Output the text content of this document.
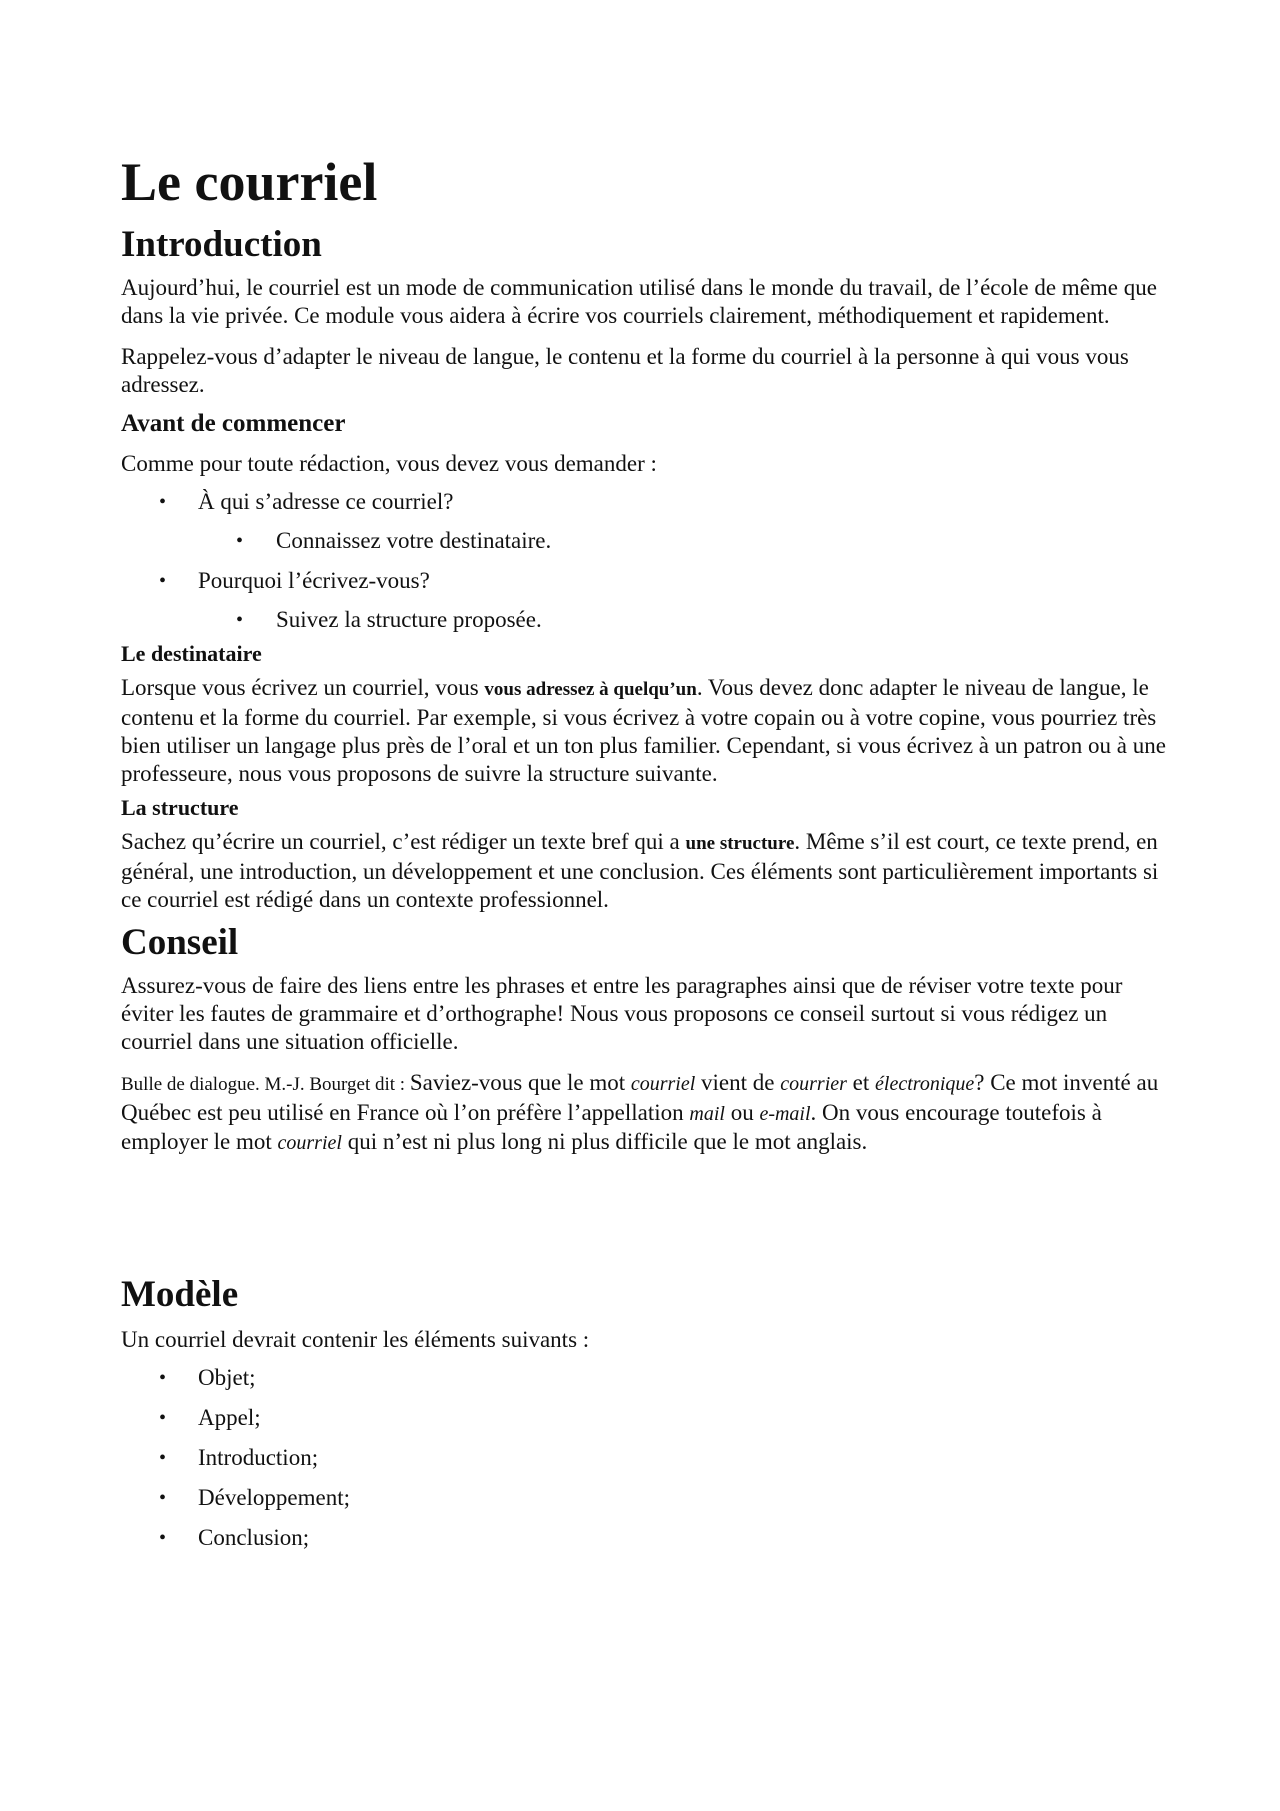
Le courriel
Introduction

Aujourd’hui, le courriel est un mode de communication utilisé dans le monde du travail, de l’école de même que dans la vie privée. Ce module vous aidera à écrire vos courriels clairement, méthodiquement et rapidement.

Rappelez-vous d’adapter le niveau de langue, le contenu et la forme du courriel à la personne à qui vous vous adressez.

Avant de commencer

Comme pour toute rédaction, vous devez vous demander :

• À qui s’adresse ce courriel?
• Connaissez votre destinataire.
• Pourquoi l’écrivez-vous?
• Suivez la structure proposée.
Le destinataire

Lorsque vous écrivez un courriel, vous vous adressez à quelqu’un. Vous devez donc adapter le niveau de langue, le contenu et la forme du courriel. Par exemple, si vous écrivez à votre copain ou à votre copine, vous pourriez très bien utiliser un langage plus près de l’oral et un ton plus familier. Cependant, si vous écrivez à un patron ou à une professeure, nous vous proposons de suivre la structure suivante.

La structure

Sachez qu’écrire un courriel, c’est rédiger un texte bref qui a une structure. Même s’il est court, ce texte prend, en général, une introduction, un développement et une conclusion. Ces éléments sont particulièrement importants si ce courriel est rédigé dans un contexte professionnel.

Conseil

Assurez-vous de faire des liens entre les phrases et entre les paragraphes ainsi que de réviser votre texte pour éviter les fautes de grammaire et d’orthographe! Nous vous proposons ce conseil surtout si vous rédigez un courriel dans une situation officielle.

Bulle de dialogue. M.-J. Bourget dit : Saviez-vous que le mot courriel vient de courrier et électronique? Ce mot inventé au Québec est peu utilisé en France où l’on préfère l’appellation mail ou e-mail. On vous encourage toutefois à employer le mot courriel qui n’est ni plus long ni plus difficile que le mot anglais.

Modèle

Un courriel devrait contenir les éléments suivants :

• Objet;
• Appel;
• Introduction;
• Développement;
• Conclusion;
